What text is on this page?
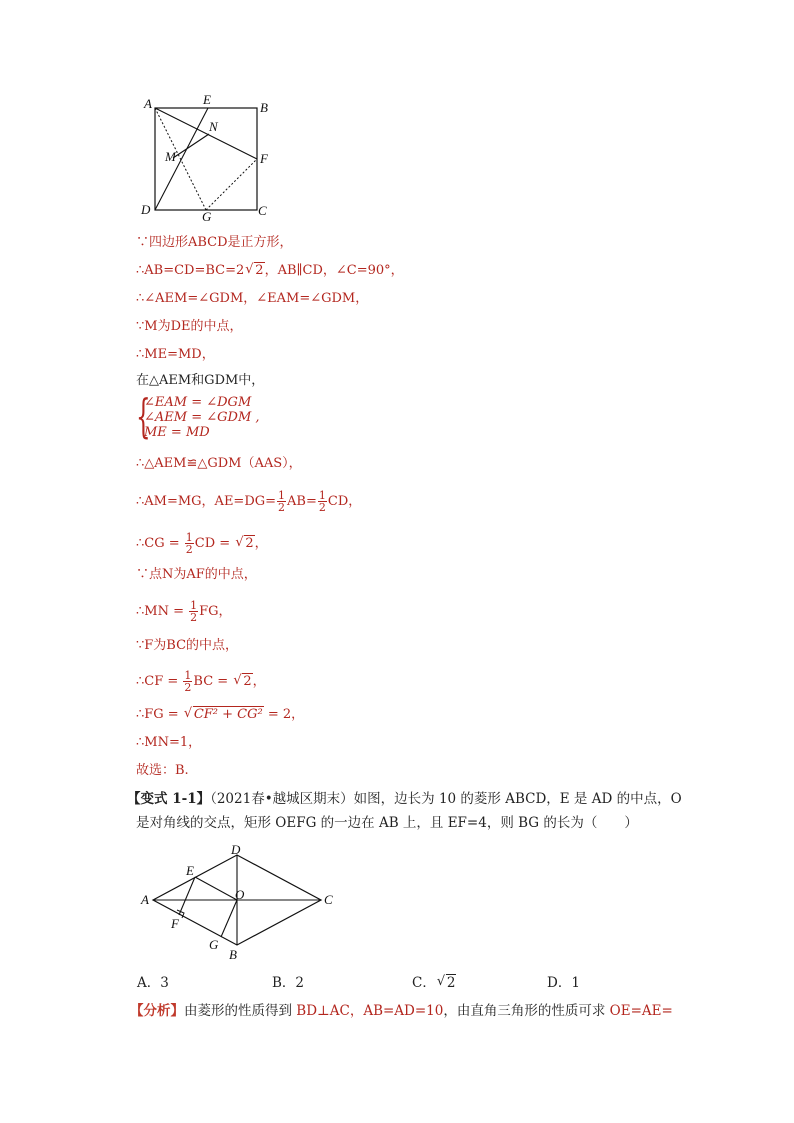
A	E
B
N
M	F
D	G	C
∵四边形ABCD是正方形，
∴AB=CD=BC=2 √ 2，AB∥CD，∠C=90°，
∴∠AEM=∠GDM，∠EAM=∠GDM，
∵M为DE的中点，
∴ME=MD，
在△AEM和GDM中，
{
∠EAM = ∠DGM
∠AEM = ∠GDM ,
ME = MD
∴△AEM≌△GDM（AAS），
∴AM=MG，$AE=DG= \frac{1}{2} AB= \frac{1}{2}$ CD，
∴CG = $\frac{1}{2}$ CD = √ 2，
∵点N为AF的中点，
∴MN = $\frac{1}{2}$ FG，
∵F为BC的中点，
∴CF = $\frac{1}{2}$ BC = √ 2，
∴FG = √ CF² + CG² = 2，
∴MN=1，
故选：B.
【变式 1-1】（2021春•越城区期末）如图，边长为 10 的菱形 ABCD，E 是 AD 的中点，O
是对角线的交点，矩形 OEFG 的一边在 AB 上，且 EF=4，则 BG 的长为（　　）
A
D
C
B
E
O
F
G
A．3	B．2	C． √ 2	D．1
【分析】由菱形的性质得到 BD⊥AC，AB=AD=10，由直角三角形的性质可求 OE=AE=
